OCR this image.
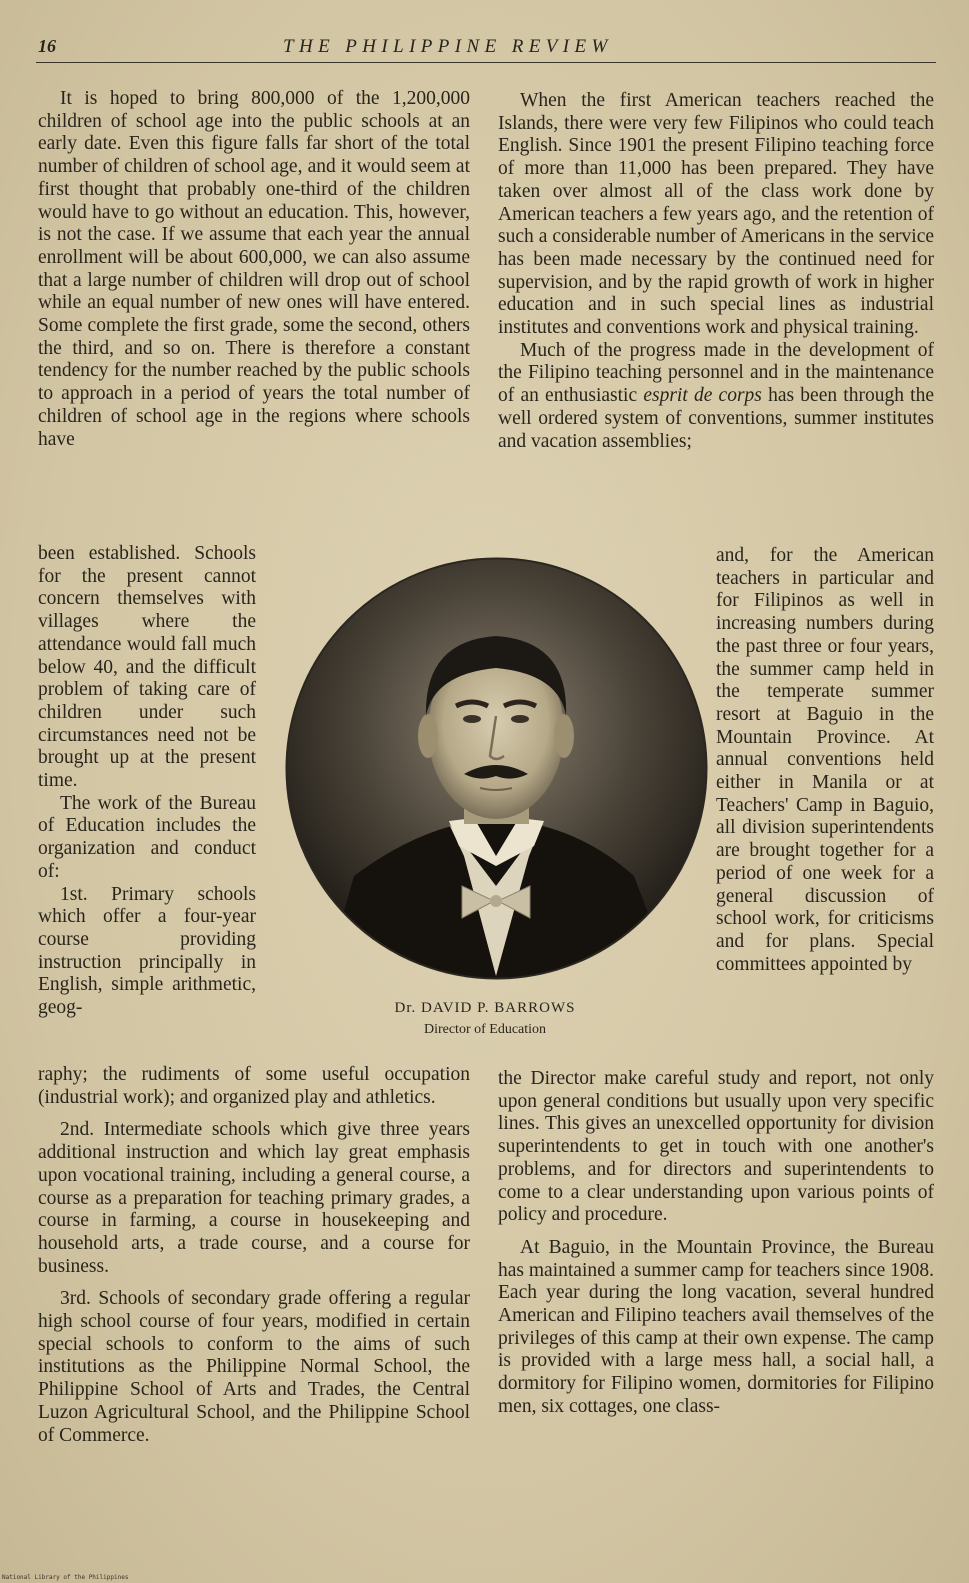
16	THE PHILIPPINE REVIEW

It is hoped to bring 800,000 of the 1,200,000 children of school age into the public schools at an early date. Even this figure falls far short of the total number of children of school age, and it would seem at first thought that probably one-third of the children would have to go without an education. This, however, is not the case. If we assume that each year the annual enrollment will be about 600,000, we can also assume that a large number of children will drop out of school while an equal number of new ones will have entered. Some complete the first grade, some the second, others the third, and so on. There is therefore a constant tendency for the number reached by the public schools to approach in a period of years the total number of children of school age in the regions where schools have

been established. Schools for the present cannot concern themselves with villages where the attendance would fall much below 40, and the difficult problem of taking care of children under such circumstances need not be brought up at the present time.

The work of the Bureau of Education includes the organization and conduct of:

1st. Primary schools which offer a four-year course providing instruction principally in English, simple arithmetic, geog-

raphy; the rudiments of some useful occupation (industrial work); and organized play and athletics.

2nd. Intermediate schools which give three years additional instruction and which lay great emphasis upon vocational training, including a general course, a course as a preparation for teaching primary grades, a course in farming, a course in housekeeping and household arts, a trade course, and a course for business.

3rd. Schools of secondary grade offering a regular high school course of four years, modified in certain special schools to conform to the aims of such institutions as the Philippine Normal School, the Philippine School of Arts and Trades, the Central Luzon Agricultural School, and the Philippine School of Commerce.

When the first American teachers reached the Islands, there were very few Filipinos who could teach English. Since 1901 the present Filipino teaching force of more than 11,000 has been prepared. They have taken over almost all of the class work done by American teachers a few years ago, and the retention of such a considerable number of Americans in the service has been made necessary by the continued need for supervision, and by the rapid growth of work in higher education and in such special lines as industrial institutes and conventions work and physical training.

Much of the progress made in the development of the Filipino teaching personnel and in the maintenance of an enthusiastic esprit de corps has been through the well ordered system of conventions, summer institutes and vacation assemblies;

and, for the American teachers in particular and for Filipinos as well in increasing numbers during the past three or four years, the summer camp held in the temperate summer resort at Baguio in the Mountain Province. At annual conventions held either in Manila or at Teachers' Camp in Baguio, all division superintendents are brought together for a period of one week for a general discussion of school work, for criticisms and for plans. Special committees appointed by

the Director make careful study and report, not only upon general conditions but usually upon very specific lines. This gives an unexcelled opportunity for division superintendents to get in touch with one another's problems, and for directors and superintendents to come to a clear understanding upon various points of policy and procedure.

At Baguio, in the Mountain Province, the Bureau has maintained a summer camp for teachers since 1908. Each year during the long vacation, several hundred American and Filipino teachers avail themselves of the privileges of this camp at their own expense. The camp is provided with a large mess hall, a social hall, a dormitory for Filipino women, dormitories for Filipino men, six cottages, one class-

Dr. DAVID P. BARROWS
Director of Education
National Library of the Philippines
